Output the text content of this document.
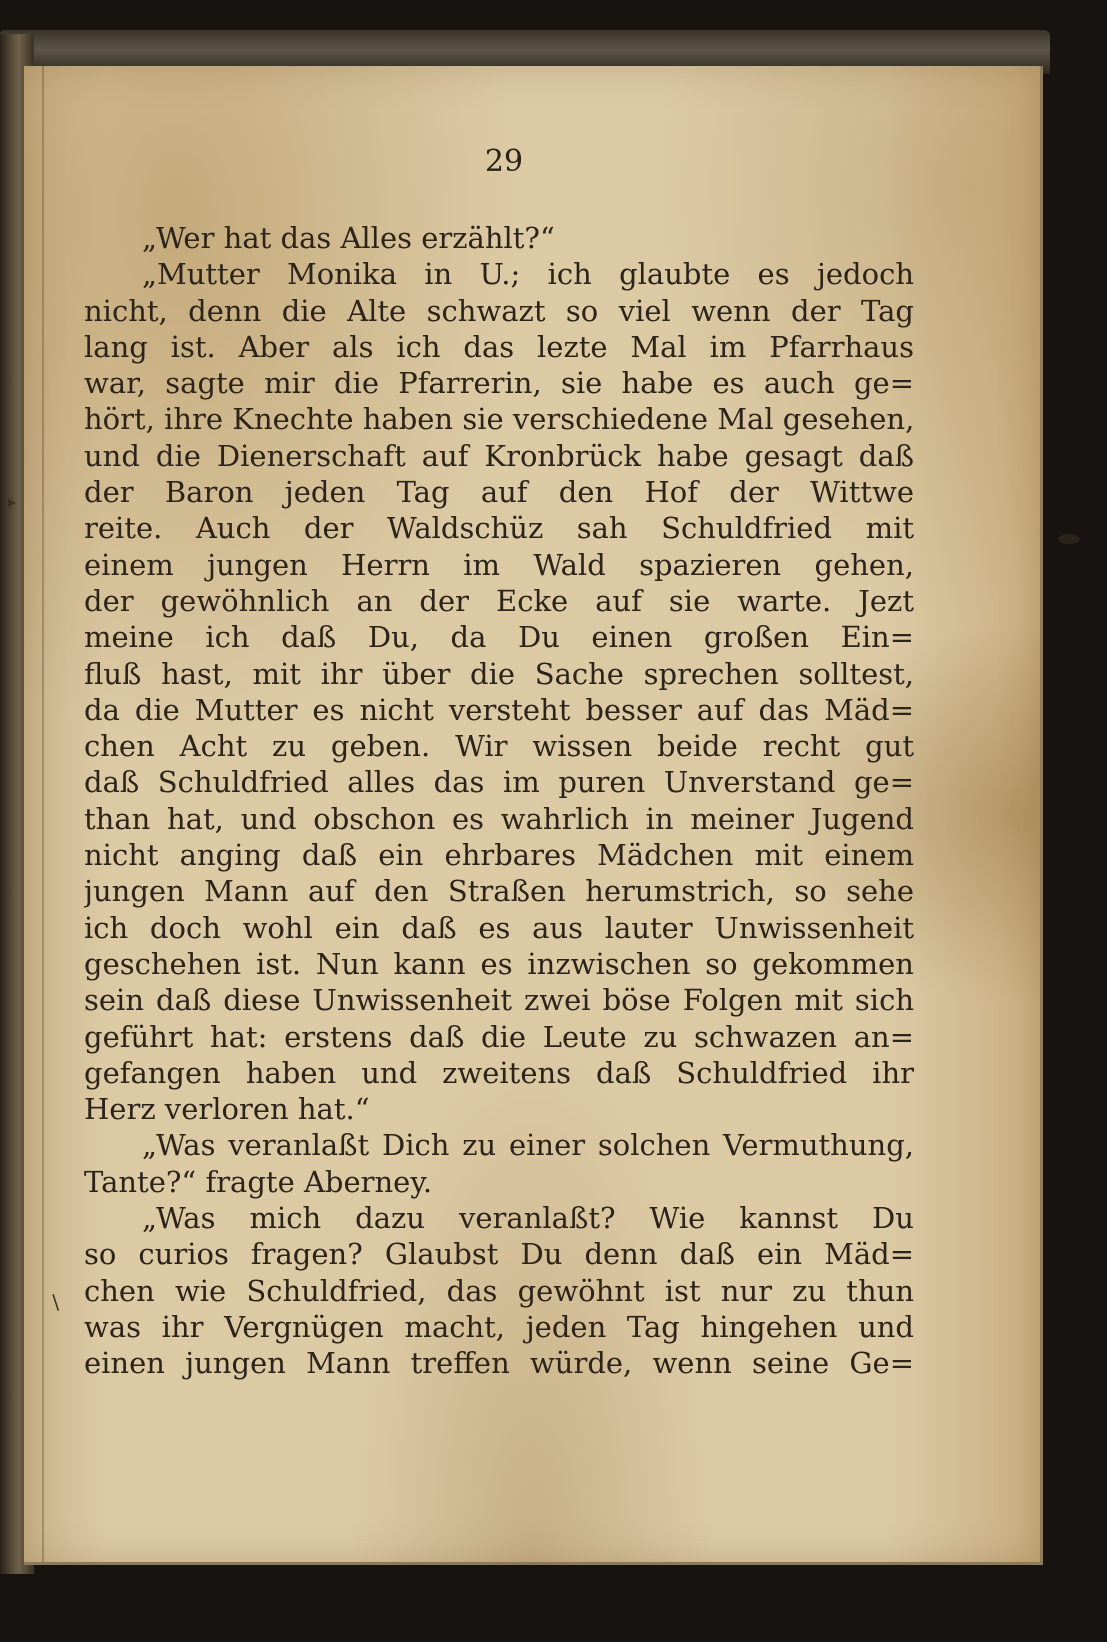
29
„Wer hat das Alles erzählt?“
„Mutter Monika in U.; ich glaubte es jedoch
nicht, denn die Alte schwazt so viel wenn der Tag
lang ist. Aber als ich das lezte Mal im Pfarrhaus
war, sagte mir die Pfarrerin, sie habe es auch ge=
hört, ihre Knechte haben sie verschiedene Mal gesehen,
und die Dienerschaft auf Kronbrück habe gesagt daß
der Baron jeden Tag auf den Hof der Wittwe
reite. Auch der Waldschüz sah Schuldfried mit
einem jungen Herrn im Wald spazieren gehen,
der gewöhnlich an der Ecke auf sie warte. Jezt
meine ich daß Du, da Du einen großen Ein=
fluß hast, mit ihr über die Sache sprechen solltest,
da die Mutter es nicht versteht besser auf das Mäd=
chen Acht zu geben. Wir wissen beide recht gut
daß Schuldfried alles das im puren Unverstand ge=
than hat, und obschon es wahrlich in meiner Jugend
nicht anging daß ein ehrbares Mädchen mit einem
jungen Mann auf den Straßen herumstrich, so sehe
ich doch wohl ein daß es aus lauter Unwissenheit
geschehen ist. Nun kann es inzwischen so gekommen
sein daß diese Unwissenheit zwei böse Folgen mit sich
geführt hat: erstens daß die Leute zu schwazen an=
gefangen haben und zweitens daß Schuldfried ihr
Herz verloren hat.“
„Was veranlaßt Dich zu einer solchen Vermuthung,
Tante?“ fragte Aberney.
„Was mich dazu veranlaßt? Wie kannst Du
so curios fragen? Glaubst Du denn daß ein Mäd=
chen wie Schuldfried, das gewöhnt ist nur zu thun
was ihr Vergnügen macht, jeden Tag hingehen und
einen jungen Mann treffen würde, wenn seine Ge=
▸
/
